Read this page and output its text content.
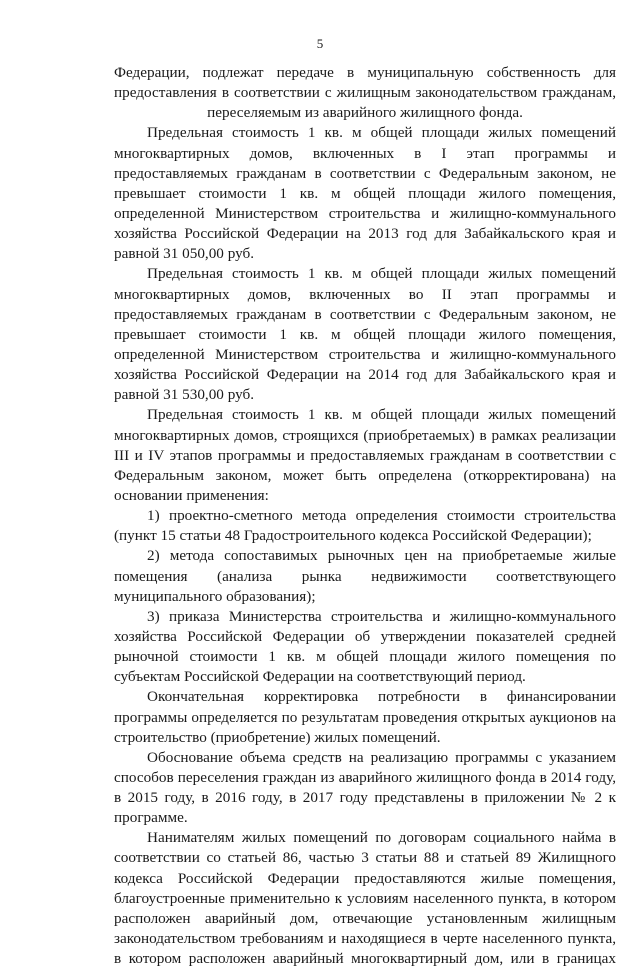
5
Федерации, подлежат передаче в муниципальную собственность для
предоставления в соответствии с жилищным законодательством гражданам,
переселяемым из аварийного жилищного фонда.
Предельная стоимость 1 кв. м общей площади жилых помещений
многоквартирных домов, включенных в I этап программы и
предоставляемых гражданам в соответствии с Федеральным законом, не
превышает стоимости 1 кв. м общей площади жилого помещения,
определенной Министерством строительства и жилищно-коммунального
хозяйства Российской Федерации на 2013 год для Забайкальского края и
равной 31 050,00 руб.
Предельная стоимость 1 кв. м общей площади жилых помещений
многоквартирных домов, включенных во II этап программы и
предоставляемых гражданам в соответствии с Федеральным законом, не
превышает стоимости 1 кв. м общей площади жилого помещения,
определенной Министерством строительства и жилищно-коммунального
хозяйства Российской Федерации на 2014 год для Забайкальского края и
равной 31 530,00 руб.
Предельная стоимость 1 кв. м общей площади жилых помещений
многоквартирных домов, строящихся (приобретаемых) в рамках реализации
III и IV этапов программы и предоставляемых гражданам в соответствии с
Федеральным законом, может быть определена (откорректирована) на
основании применения:
1) проектно-сметного метода определения стоимости строительства
(пункт 15 статьи 48 Градостроительного кодекса Российской Федерации);
2) метода сопоставимых рыночных цен на приобретаемые жилые
помещения (анализа рынка недвижимости соответствующего
муниципального образования);
3) приказа Министерства строительства и жилищно-коммунального
хозяйства Российской Федерации об утверждении показателей средней
рыночной стоимости 1 кв. м общей площади жилого помещения по
субъектам Российской Федерации на соответствующий период.
Окончательная корректировка потребности в финансировании
программы определяется по результатам проведения открытых аукционов на
строительство (приобретение) жилых помещений.
Обоснование объема средств на реализацию программы с указанием
способов переселения граждан из аварийного жилищного фонда в 2014 году,
в 2015 году, в 2016 году, в 2017 году представлены в приложении № 2 к
программе.
Нанимателям жилых помещений по договорам социального найма в
соответствии со статьей 86, частью 3 статьи 88 и статьей 89 Жилищного
кодекса Российской Федерации предоставляются жилые помещения,
благоустроенные применительно к условиям населенного пункта, в котором
расположен аварийный дом, отвечающие установленным жилищным
законодательством требованиям и находящиеся в черте населенного пункта,
в котором расположен аварийный многоквартирный дом, или в границах
